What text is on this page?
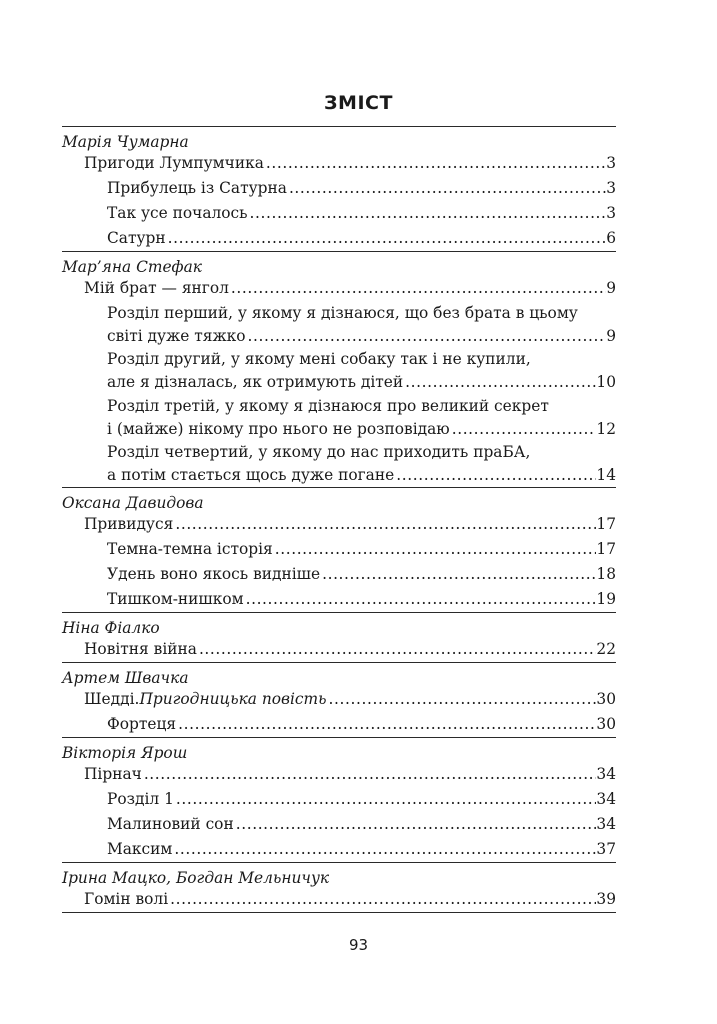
ЗМІСТ
Марія Чумарна
Пригоди Лумпумчика .....	3
Прибулець із Сатурна .....	3
Так усе почалось .....	3
Сатурн .....	6
Мар’яна Стефак
Мій брат — янгол .....	9
Розділ перший, у якому я дізнаюся, що без брата в цьому
світі дуже тяжко .....	9
Розділ другий, у якому мені собаку так і не купили,
але я дізналась, як отримують дітей .....	10
Розділ третій, у якому я дізнаюся про великий секрет
і (майже) нікому про нього не розповідаю .....	12
Розділ четвертий, у якому до нас приходить праБА,
а потім стається щось дуже погане .....	14
Оксана Давидова
Привидуся .....	17
Темна-темна історія .....	17
Удень воно якось видніше .....	18
Тишком-нишком .....	19
Ніна Фіалко
Новітня війна .....	22
Артем Швачка
Шедді. Пригодницька повість .....	30
Фортеця .....	30
Вікторія Ярош
Пірнач .....	34
Розділ 1 .....	34
Малиновий сон .....	34
Максим .....	37
Ірина Мацко, Богдан Мельничук
Гомін волі .....	39
93
